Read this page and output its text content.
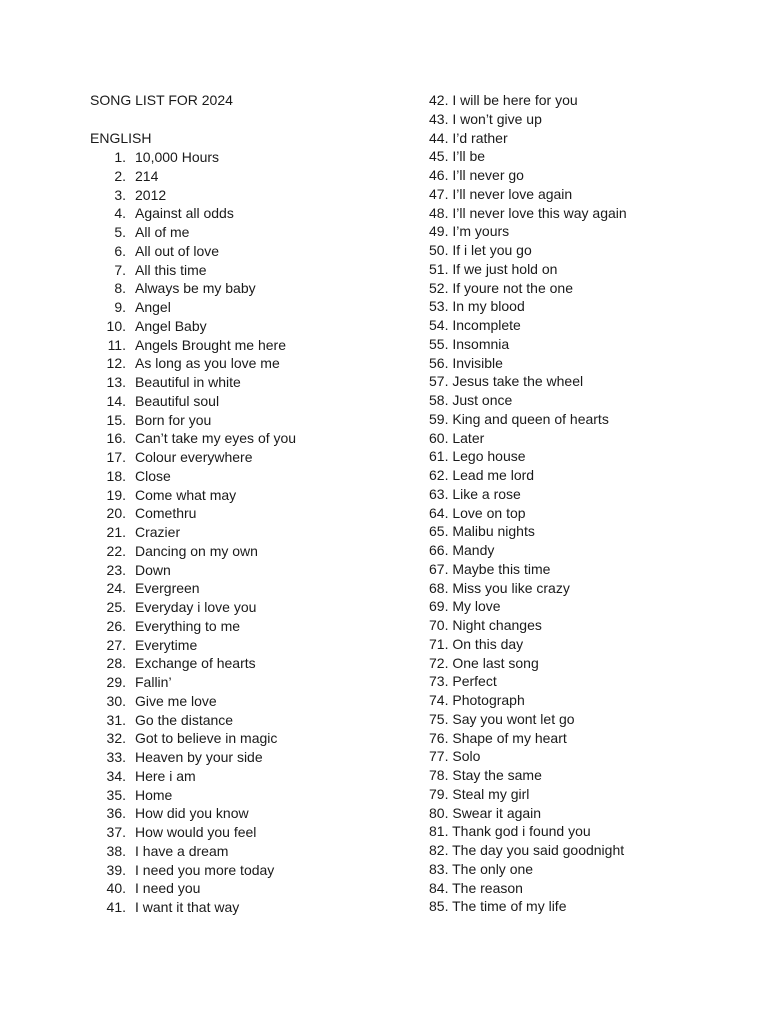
SONG LIST FOR 2024
ENGLISH
1. 10,000 Hours
2. 214
3. 2012
4. Against all odds
5. All of me
6. All out of love
7. All this time
8. Always be my baby
9. Angel
10. Angel Baby
11. Angels Brought me here
12. As long as you love me
13. Beautiful in white
14. Beautiful soul
15. Born for you
16. Can’t take my eyes of you
17. Colour everywhere
18. Close
19. Come what may
20. Comethru
21. Crazier
22. Dancing on my own
23. Down
24. Evergreen
25. Everyday i love you
26. Everything to me
27. Everytime
28. Exchange of hearts
29. Fallin’
30. Give me love
31. Go the distance
32. Got to believe in magic
33. Heaven by your side
34. Here i am
35. Home
36. How did you know
37. How would you feel
38. I have a dream
39. I need you more today
40. I need you
41. I want it that way
42. I will be here for you
43. I won’t give up
44. I’d rather
45. I’ll be
46. I’ll never go
47. I’ll never love again
48. I’ll never love this way again
49. I’m yours
50. If i let you go
51. If we just hold on
52. If youre not the one
53. In my blood
54. Incomplete
55. Insomnia
56. Invisible
57. Jesus take the wheel
58. Just once
59. King and queen of hearts
60. Later
61. Lego house
62. Lead me lord
63. Like a rose
64. Love on top
65. Malibu nights
66. Mandy
67. Maybe this time
68. Miss you like crazy
69. My love
70. Night changes
71. On this day
72. One last song
73. Perfect
74. Photograph
75. Say you wont let go
76. Shape of my heart
77. Solo
78. Stay the same
79. Steal my girl
80. Swear it again
81. Thank god i found you
82. The day you said goodnight
83. The only one
84. The reason
85. The time of my life
